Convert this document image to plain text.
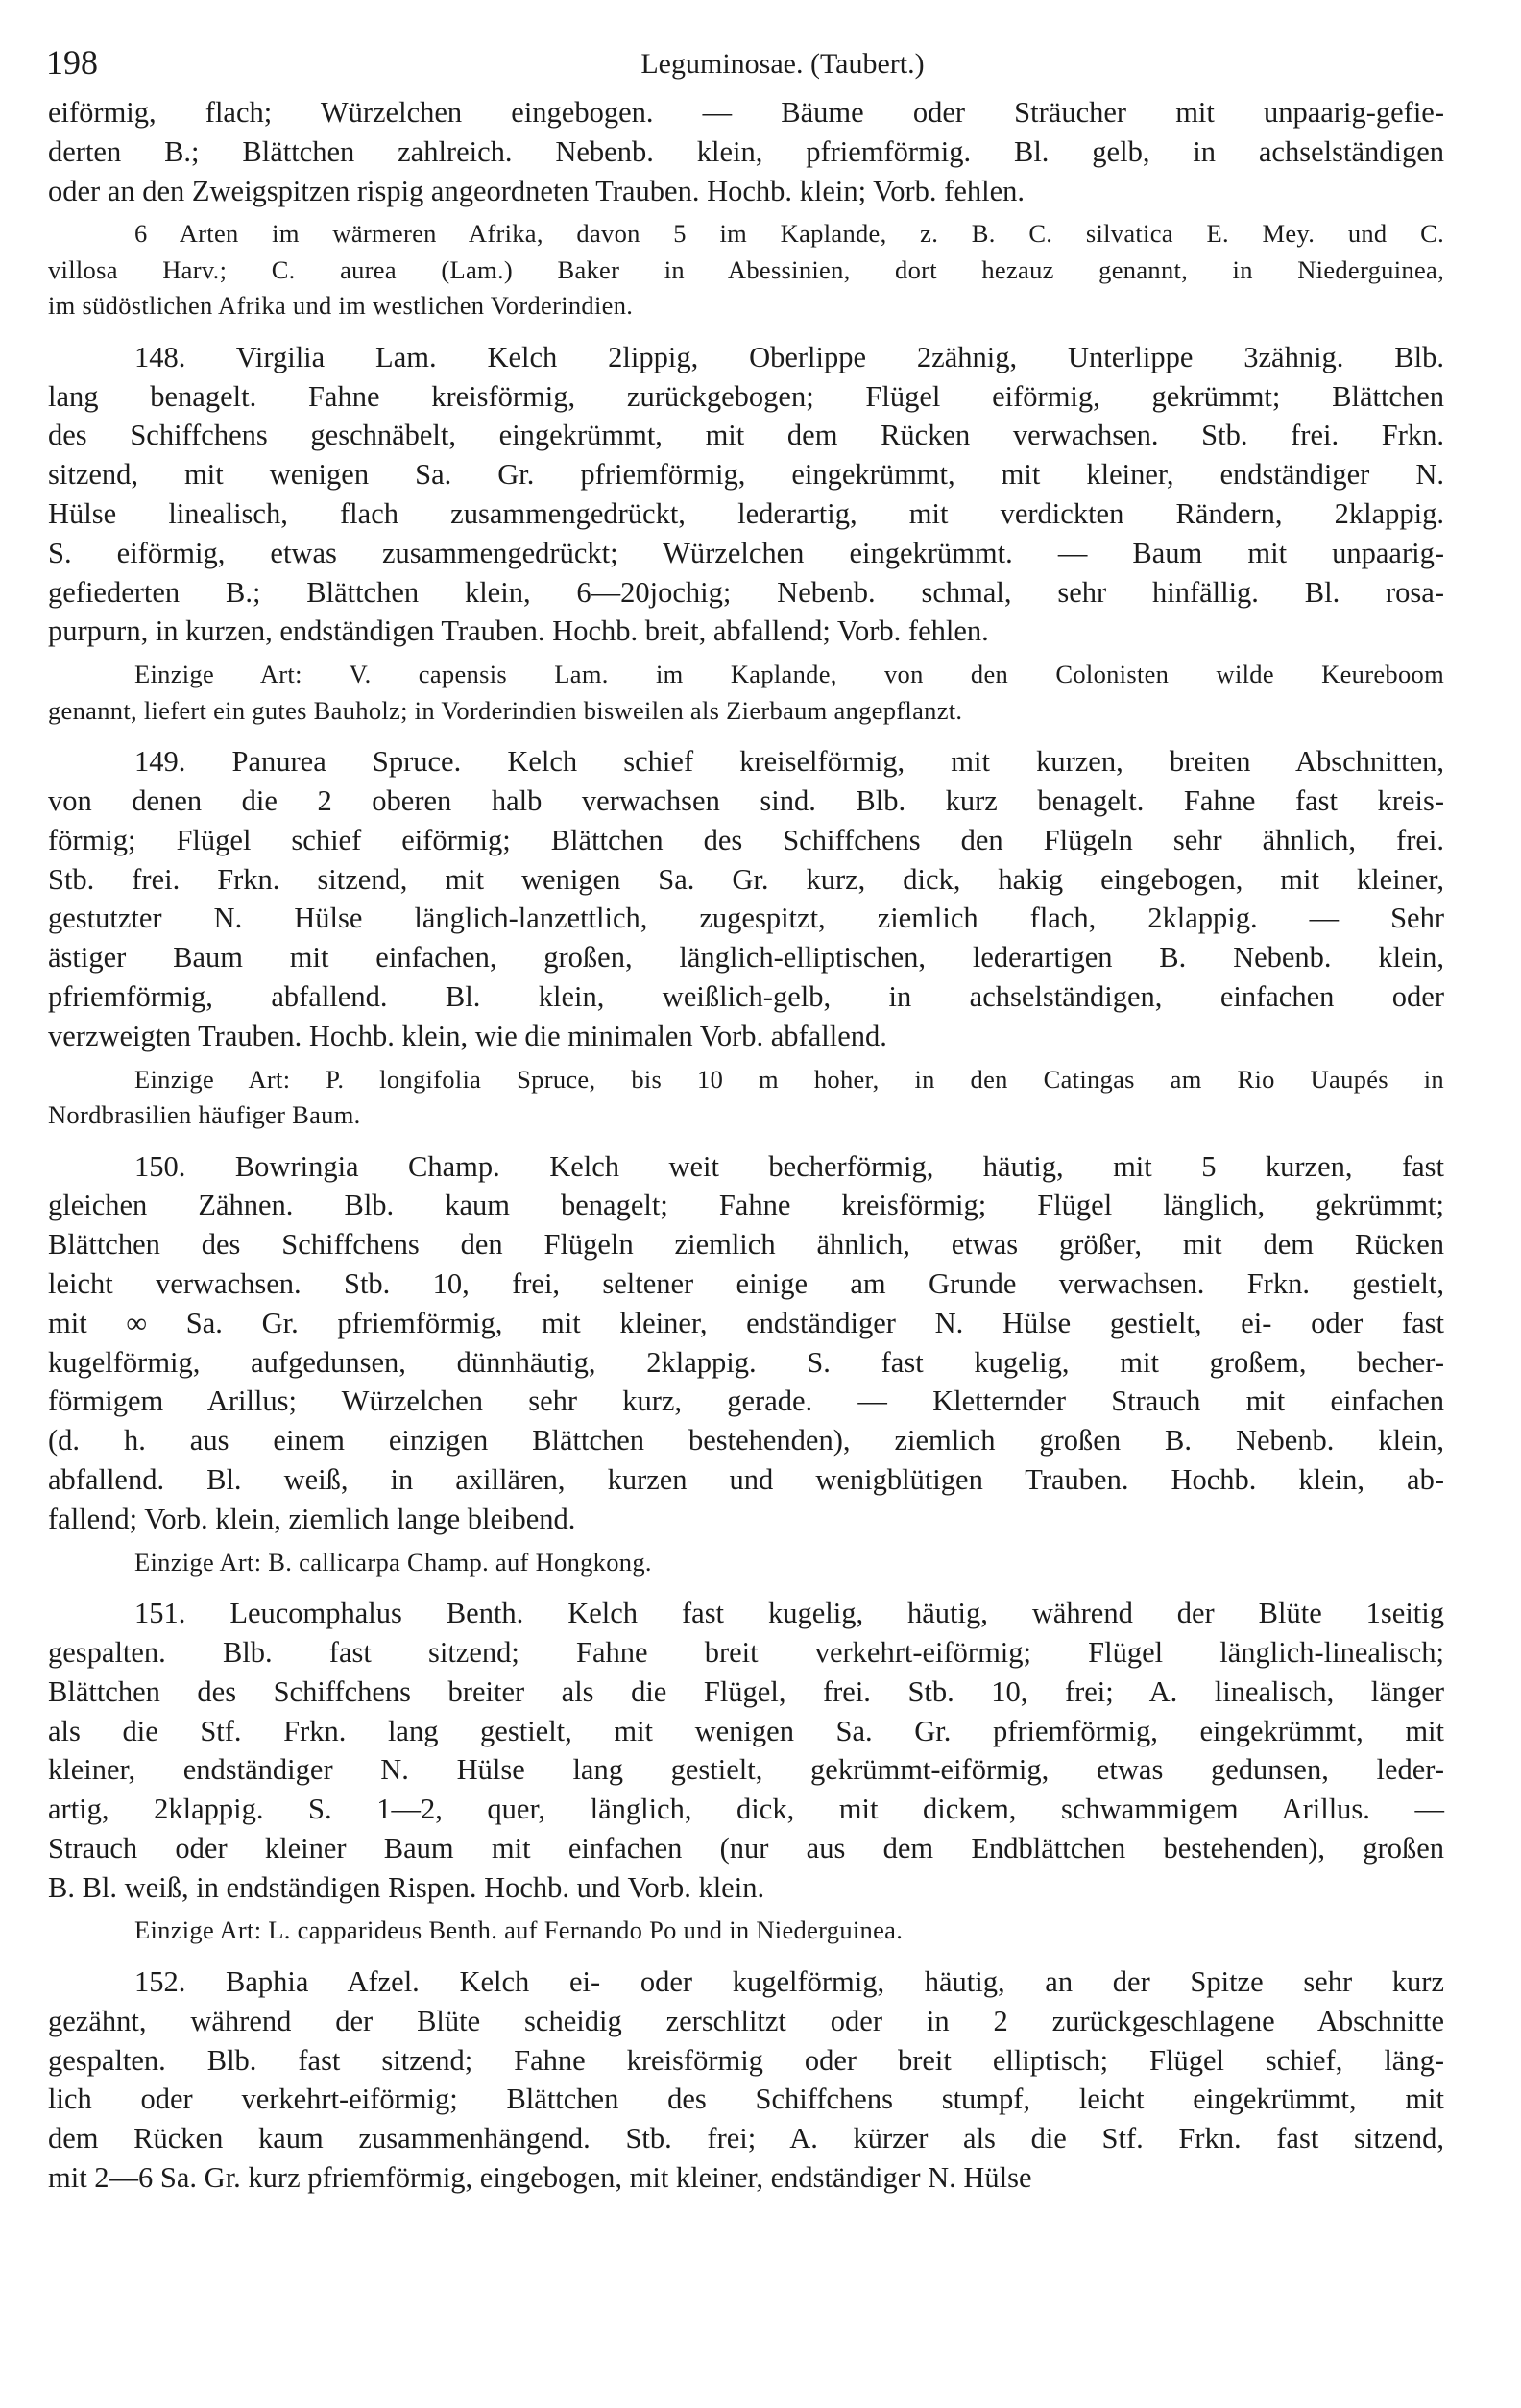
198	Leguminosae. (Taubert.)
eiförmig, flach; Würzelchen eingebogen. — Bäume oder Sträucher mit unpaarig-gefie-
derten B.; Blättchen zahlreich. Nebenb. klein, pfriemförmig. Bl. gelb, in achselständigen
oder an den Zweigspitzen rispig angeordneten Trauben. Hochb. klein; Vorb. fehlen.
6 Arten im wärmeren Afrika, davon 5 im Kaplande, z. B. C. silvatica E. Mey. und C.
villosa Harv.; C. aurea (Lam.) Baker in Abessinien, dort hezauz genannt, in Niederguinea,
im südöstlichen Afrika und im westlichen Vorderindien.
148. Virgilia Lam. Kelch 2lippig, Oberlippe 2zähnig, Unterlippe 3zähnig. Blb.
lang benagelt. Fahne kreisförmig, zurückgebogen; Flügel eiförmig, gekrümmt; Blättchen
des Schiffchens geschnäbelt, eingekrümmt, mit dem Rücken verwachsen. Stb. frei. Frkn.
sitzend, mit wenigen Sa. Gr. pfriemförmig, eingekrümmt, mit kleiner, endständiger N.
Hülse linealisch, flach zusammengedrückt, lederartig, mit verdickten Rändern, 2klappig.
S. eiförmig, etwas zusammengedrückt; Würzelchen eingekrümmt. — Baum mit unpaarig-
gefiederten B.; Blättchen klein, 6—20jochig; Nebenb. schmal, sehr hinfällig. Bl. rosa-
purpurn, in kurzen, endständigen Trauben. Hochb. breit, abfallend; Vorb. fehlen.
Einzige Art: V. capensis Lam. im Kaplande, von den Colonisten wilde Keureboom
genannt, liefert ein gutes Bauholz; in Vorderindien bisweilen als Zierbaum angepflanzt.
149. Panurea Spruce. Kelch schief kreiselförmig, mit kurzen, breiten Abschnitten,
von denen die 2 oberen halb verwachsen sind. Blb. kurz benagelt. Fahne fast kreis-
förmig; Flügel schief eiförmig; Blättchen des Schiffchens den Flügeln sehr ähnlich, frei.
Stb. frei. Frkn. sitzend, mit wenigen Sa. Gr. kurz, dick, hakig eingebogen, mit kleiner,
gestutzter N. Hülse länglich-lanzettlich, zugespitzt, ziemlich flach, 2klappig. — Sehr
ästiger Baum mit einfachen, großen, länglich-elliptischen, lederartigen B. Nebenb. klein,
pfriemförmig, abfallend. Bl. klein, weißlich-gelb, in achselständigen, einfachen oder
verzweigten Trauben. Hochb. klein, wie die minimalen Vorb. abfallend.
Einzige Art: P. longifolia Spruce, bis 10 m hoher, in den Catingas am Rio Uaupés in
Nordbrasilien häufiger Baum.
150. Bowringia Champ. Kelch weit becherförmig, häutig, mit 5 kurzen, fast
gleichen Zähnen. Blb. kaum benagelt; Fahne kreisförmig; Flügel länglich, gekrümmt;
Blättchen des Schiffchens den Flügeln ziemlich ähnlich, etwas größer, mit dem Rücken
leicht verwachsen. Stb. 10, frei, seltener einige am Grunde verwachsen. Frkn. gestielt,
mit ∞ Sa. Gr. pfriemförmig, mit kleiner, endständiger N. Hülse gestielt, ei- oder fast
kugelförmig, aufgedunsen, dünnhäutig, 2klappig. S. fast kugelig, mit großem, becher-
förmigem Arillus; Würzelchen sehr kurz, gerade. — Kletternder Strauch mit einfachen
(d. h. aus einem einzigen Blättchen bestehenden), ziemlich großen B. Nebenb. klein,
abfallend. Bl. weiß, in axillären, kurzen und wenigblütigen Trauben. Hochb. klein, ab-
fallend; Vorb. klein, ziemlich lange bleibend.
Einzige Art: B. callicarpa Champ. auf Hongkong.
151. Leucomphalus Benth. Kelch fast kugelig, häutig, während der Blüte 1seitig
gespalten. Blb. fast sitzend; Fahne breit verkehrt-eiförmig; Flügel länglich-linealisch;
Blättchen des Schiffchens breiter als die Flügel, frei. Stb. 10, frei; A. linealisch, länger
als die Stf. Frkn. lang gestielt, mit wenigen Sa. Gr. pfriemförmig, eingekrümmt, mit
kleiner, endständiger N. Hülse lang gestielt, gekrümmt-eiförmig, etwas gedunsen, leder-
artig, 2klappig. S. 1—2, quer, länglich, dick, mit dickem, schwammigem Arillus. —
Strauch oder kleiner Baum mit einfachen (nur aus dem Endblättchen bestehenden), großen
B. Bl. weiß, in endständigen Rispen. Hochb. und Vorb. klein.
Einzige Art: L. capparideus Benth. auf Fernando Po und in Niederguinea.
152. Baphia Afzel. Kelch ei- oder kugelförmig, häutig, an der Spitze sehr kurz
gezähnt, während der Blüte scheidig zerschlitzt oder in 2 zurückgeschlagene Abschnitte
gespalten. Blb. fast sitzend; Fahne kreisförmig oder breit elliptisch; Flügel schief, läng-
lich oder verkehrt-eiförmig; Blättchen des Schiffchens stumpf, leicht eingekrümmt, mit
dem Rücken kaum zusammenhängend. Stb. frei; A. kürzer als die Stf. Frkn. fast sitzend,
mit 2—6 Sa. Gr. kurz pfriemförmig, eingebogen, mit kleiner, endständiger N. Hülse
